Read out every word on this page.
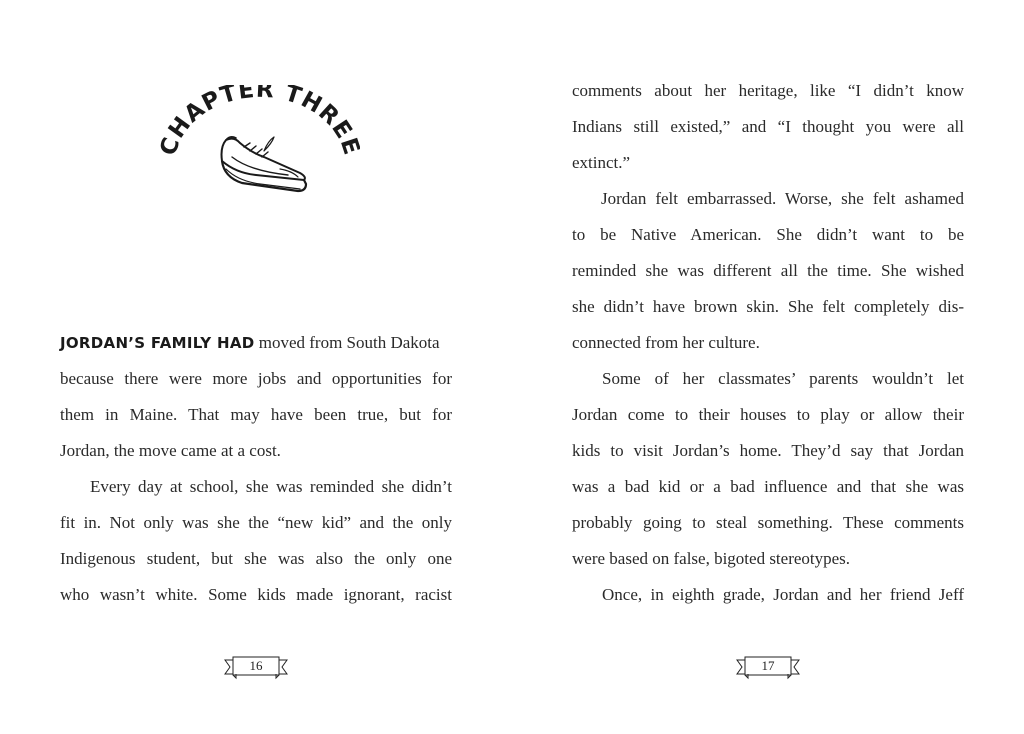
HAPTER THRE
JORDAN’S FAMILY HAD moved from South Dakota
because there were more jobs and opportunities for
them in Maine. That may have been true, but for
Jordan, the move came at a cost.
Every day at school, she was reminded she didn’t
fit in. Not only was she the “new kid” and the only
Indigenous student, but she was also the only one
who wasn’t white. Some kids made ignorant, racist
16
comments about her heritage, like “I didn’t know
Indians still existed,” and “I thought you were all
extinct.”
Jordan felt embarrassed. Worse, she felt ashamed
to be Native American. She didn’t want to be
reminded she was different all the time. She wished
she didn’t have brown skin. She felt completely dis-
connected from her culture.
Some of her classmates’ parents wouldn’t let
Jordan come to their houses to play or allow their
kids to visit Jordan’s home. They’d say that Jordan
was a bad kid or a bad influence and that she was
probably going to steal something. These comments
were based on false, bigoted stereotypes.
Once, in eighth grade, Jordan and her friend Jeff
17
